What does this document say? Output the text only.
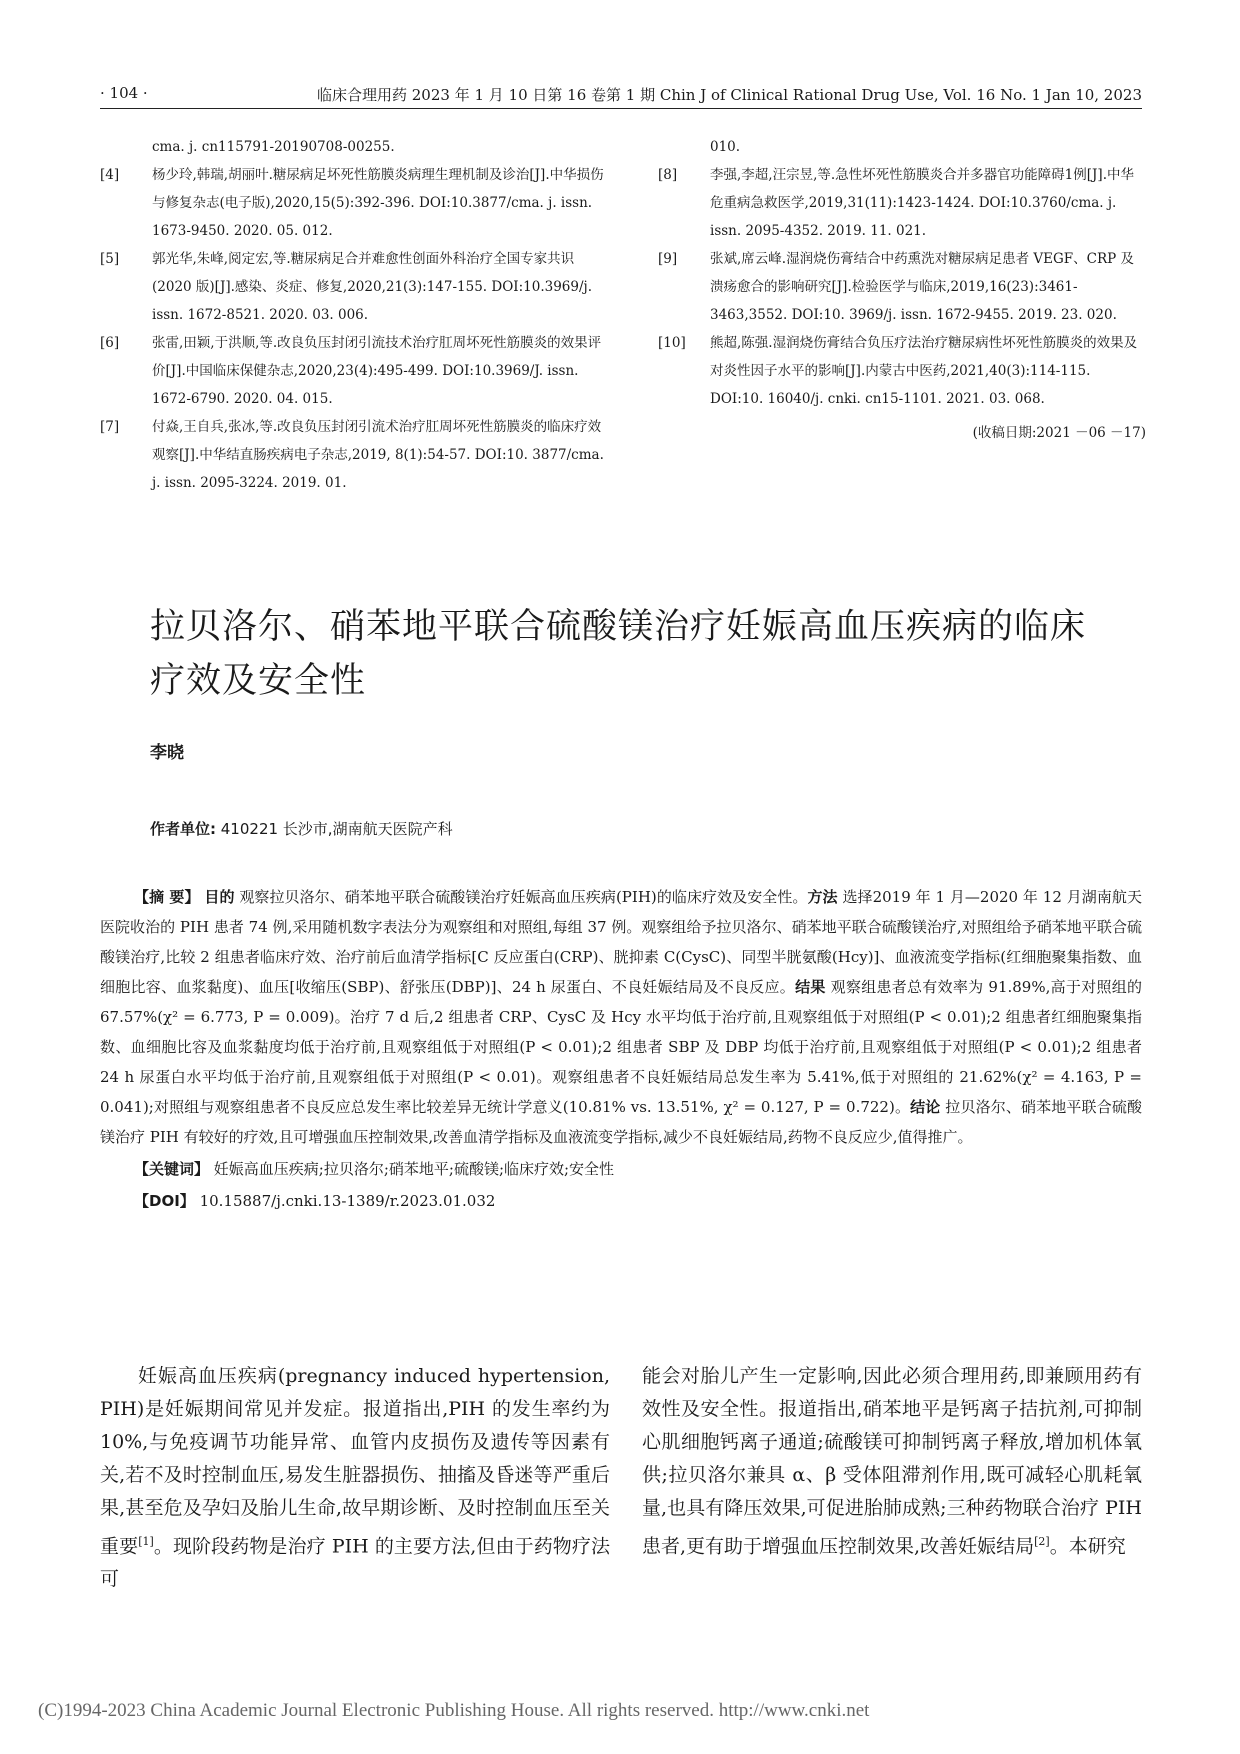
· 104 ·	临床合理用药 2023 年 1 月 10 日第 16 卷第 1 期 Chin J of Clinical Rational Drug Use, Vol. 16 No. 1 Jan 10, 2023
cma. j. cn115791-20190708-00255.
[4] 杨少玲,韩瑞,胡丽叶.糖尿病足坏死性筋膜炎病理生理机制及诊治[J].中华损伤与修复杂志(电子版),2020,15(5):392-396. DOI:10.3877/cma. j. issn. 1673-9450. 2020. 05. 012.
[5] 郭光华,朱峰,阅定宏,等.糖尿病足合并难愈性创面外科治疗全国专家共识(2020 版)[J].感染、炎症、修复,2020,21(3):147-155. DOI:10.3969/j. issn. 1672-8521. 2020. 03. 006.
[6] 张雷,田颖,于洪顺,等.改良负压封闭引流技术治疗肛周坏死性筋膜炎的效果评价[J].中国临床保健杂志,2020,23(4):495-499. DOI:10.3969/J. issn. 1672-6790. 2020. 04. 015.
[7] 付焱,王自兵,张冰,等.改良负压封闭引流术治疗肛周坏死性筋膜炎的临床疗效观察[J].中华结直肠疾病电子杂志,2019, 8(1):54-57. DOI:10. 3877/cma. j. issn. 2095-3224. 2019. 01.
010.
[8] 李强,李超,汪宗昱,等.急性坏死性筋膜炎合并多器官功能障碍1例[J].中华危重病急救医学,2019,31(11):1423-1424. DOI:10.3760/cma. j. issn. 2095-4352. 2019. 11. 021.
[9] 张斌,席云峰.湿润烧伤膏结合中药熏洗对糖尿病足患者 VEGF、CRP 及溃疡愈合的影响研究[J].检验医学与临床,2019,16(23):3461-3463,3552. DOI:10. 3969/j. issn. 1672-9455. 2019. 23. 020.
[10] 熊超,陈强.湿润烧伤膏结合负压疗法治疗糖尿病性坏死性筋膜炎的效果及对炎性因子水平的影响[J].内蒙古中医药,2021,40(3):114-115. DOI:10. 16040/j. cnki. cn15-1101. 2021. 03. 068.
(收稿日期:2021 －06 －17)
拉贝洛尔、硝苯地平联合硫酸镁治疗妊娠高血压疾病的临床疗效及安全性
李晓
作者单位: 410221 长沙市,湖南航天医院产科
【摘 要】 目的 观察拉贝洛尔、硝苯地平联合硫酸镁治疗妊娠高血压疾病(PIH)的临床疗效及安全性。方法 选择2019 年 1 月—2020 年 12 月湖南航天医院收治的 PIH 患者 74 例,采用随机数字表法分为观察组和对照组,每组 37 例。观察组给予拉贝洛尔、硝苯地平联合硫酸镁治疗,对照组给予硝苯地平联合硫酸镁治疗,比较 2 组患者临床疗效、治疗前后血清学指标[C 反应蛋白(CRP)、胱抑素 C(CysC)、同型半胱氨酸(Hcy)]、血液流变学指标(红细胞聚集指数、血细胞比容、血浆黏度)、血压[收缩压(SBP)、舒张压(DBP)]、24 h 尿蛋白、不良妊娠结局及不良反应。结果 观察组患者总有效率为 91.89%,高于对照组的 67.57%(χ² = 6.773, P = 0.009)。治疗 7 d 后,2 组患者 CRP、CysC 及 Hcy 水平均低于治疗前,且观察组低于对照组(P < 0.01);2 组患者红细胞聚集指数、血细胞比容及血浆黏度均低于治疗前,且观察组低于对照组(P < 0.01);2 组患者 SBP 及 DBP 均低于治疗前,且观察组低于对照组(P < 0.01);2 组患者 24 h 尿蛋白水平均低于治疗前,且观察组低于对照组(P < 0.01)。观察组患者不良妊娠结局总发生率为 5.41%,低于对照组的 21.62%(χ² = 4.163, P = 0.041);对照组与观察组患者不良反应总发生率比较差异无统计学意义(10.81% vs. 13.51%, χ² = 0.127, P = 0.722)。结论 拉贝洛尔、硝苯地平联合硫酸镁治疗 PIH 有较好的疗效,且可增强血压控制效果,改善血清学指标及血液流变学指标,减少不良妊娠结局,药物不良反应少,值得推广。
【关键词】 妊娠高血压疾病;拉贝洛尔;硝苯地平;硫酸镁;临床疗效;安全性
【DOI】 10.15887/j.cnki.13-1389/r.2023.01.032
妊娠高血压疾病(pregnancy induced hypertension, PIH)是妊娠期间常见并发症。报道指出,PIH 的发生率约为 10%,与免疫调节功能异常、血管内皮损伤及遗传等因素有关,若不及时控制血压,易发生脏器损伤、抽搐及昏迷等严重后果,甚至危及孕妇及胎儿生命,故早期诊断、及时控制血压至关重要[1]。现阶段药物是治疗 PIH 的主要方法,但由于药物疗法可
能会对胎儿产生一定影响,因此必须合理用药,即兼顾用药有效性及安全性。报道指出,硝苯地平是钙离子拮抗剂,可抑制心肌细胞钙离子通道;硫酸镁可抑制钙离子释放,增加机体氧供;拉贝洛尔兼具 α、β 受体阻滞剂作用,既可减轻心肌耗氧量,也具有降压效果,可促进胎肺成熟;三种药物联合治疗 PIH 患者,更有助于增强血压控制效果,改善妊娠结局[2]。本研究
(C)1994-2023 China Academic Journal Electronic Publishing House. All rights reserved. http://www.cnki.net
